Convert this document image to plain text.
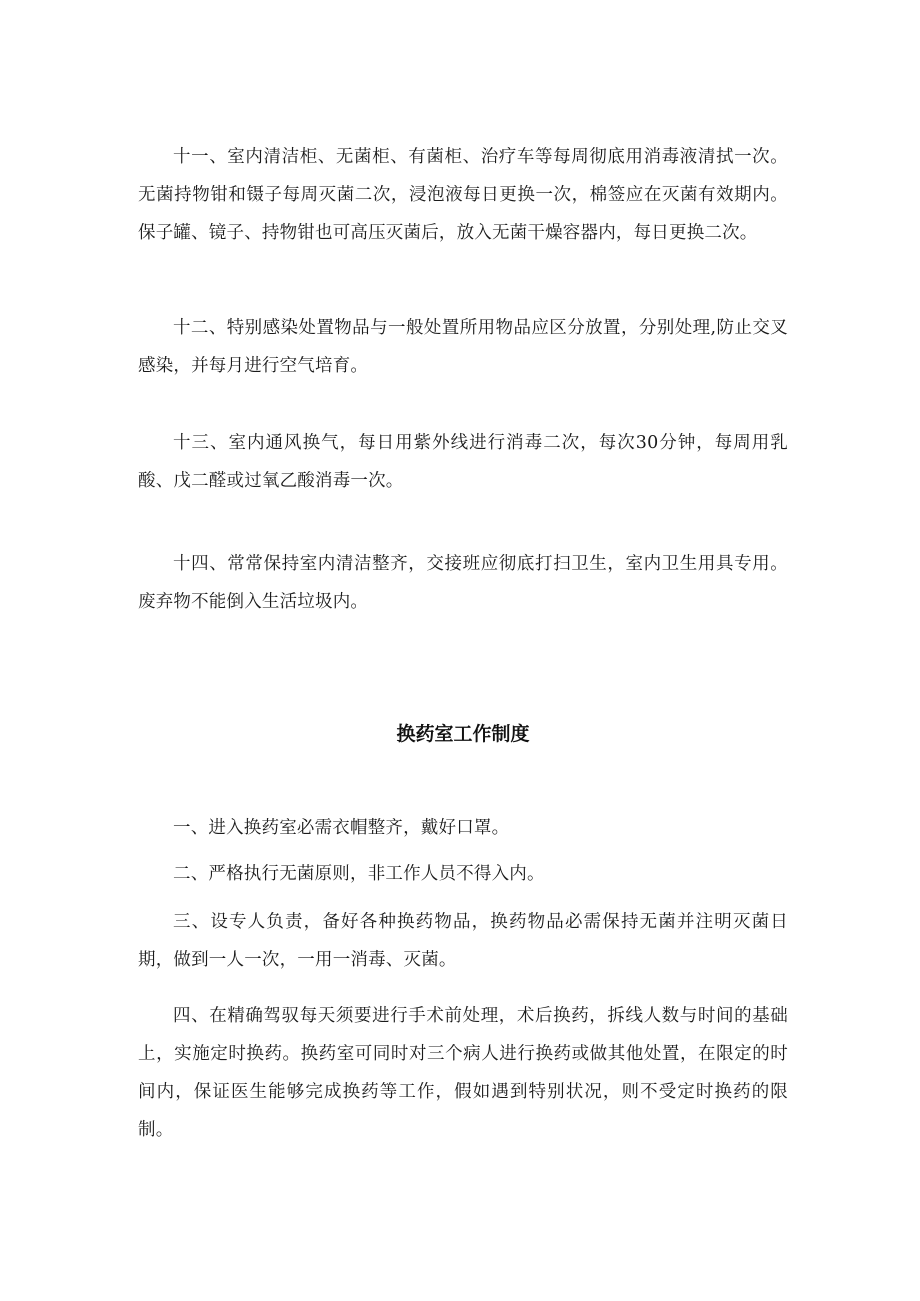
十一、室内清洁柜、无菌柜、有菌柜、治疗车等每周彻底用消毒液清拭一次。无菌持物钳和镊子每周灭菌二次，浸泡液每日更换一次，棉签应在灭菌有效期内。保子罐、镜子、持物钳也可高压灭菌后，放入无菌干燥容器内，每日更换二次。

十二、特别感染处置物品与一般处置所用物品应区分放置，分别处理,防止交叉感染，并每月进行空气培育。

十三、室内通风换气，每日用紫外线进行消毒二次，每次30分钟，每周用乳酸、戊二醛或过氧乙酸消毒一次。

十四、常常保持室内清洁整齐，交接班应彻底打扫卫生，室内卫生用具专用。废弃物不能倒入生活垃圾内。

换药室工作制度

一、进入换药室必需衣帽整齐，戴好口罩。

二、严格执行无菌原则，非工作人员不得入内。

三、设专人负责，备好各种换药物品，换药物品必需保持无菌并注明灭菌日期，做到一人一次，一用一消毒、灭菌。

四、在精确驾驭每天须要进行手术前处理，术后换药，拆线人数与时间的基础上，实施定时换药。换药室可同时对三个病人进行换药或做其他处置，在限定的时间内，保证医生能够完成换药等工作，假如遇到特别状况，则不受定时换药的限制。
